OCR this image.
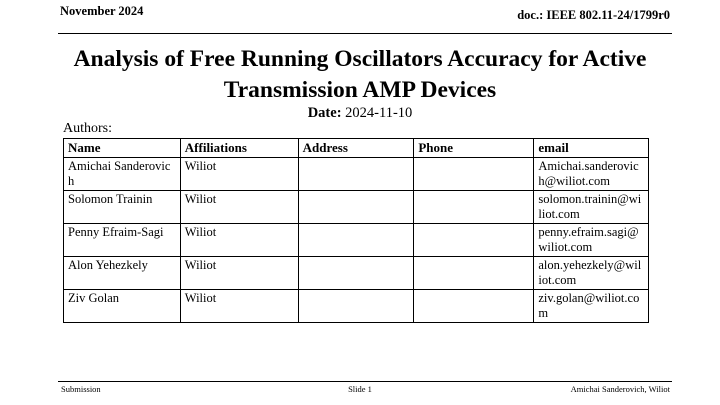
November 2024	doc.: IEEE 802.11-24/1799r0
Analysis of Free Running Oscillators Accuracy for Active Transmission AMP Devices
Date: 2024-11-10
Authors:
Name	Affiliations	Address	Phone	email
Amichai Sanderovich	Wiliot			Amichai.sanderovich@wiliot.com
Solomon Trainin	Wiliot			solomon.trainin@wiliot.com
Penny Efraim-Sagi	Wiliot			penny.efraim.sagi@wiliot.com
Alon Yehezkely	Wiliot			alon.yehezkely@wiliot.com
Ziv Golan	Wiliot			ziv.golan@wiliot.com
Submission	Slide 1	Amichai Sanderovich, Wiliot
